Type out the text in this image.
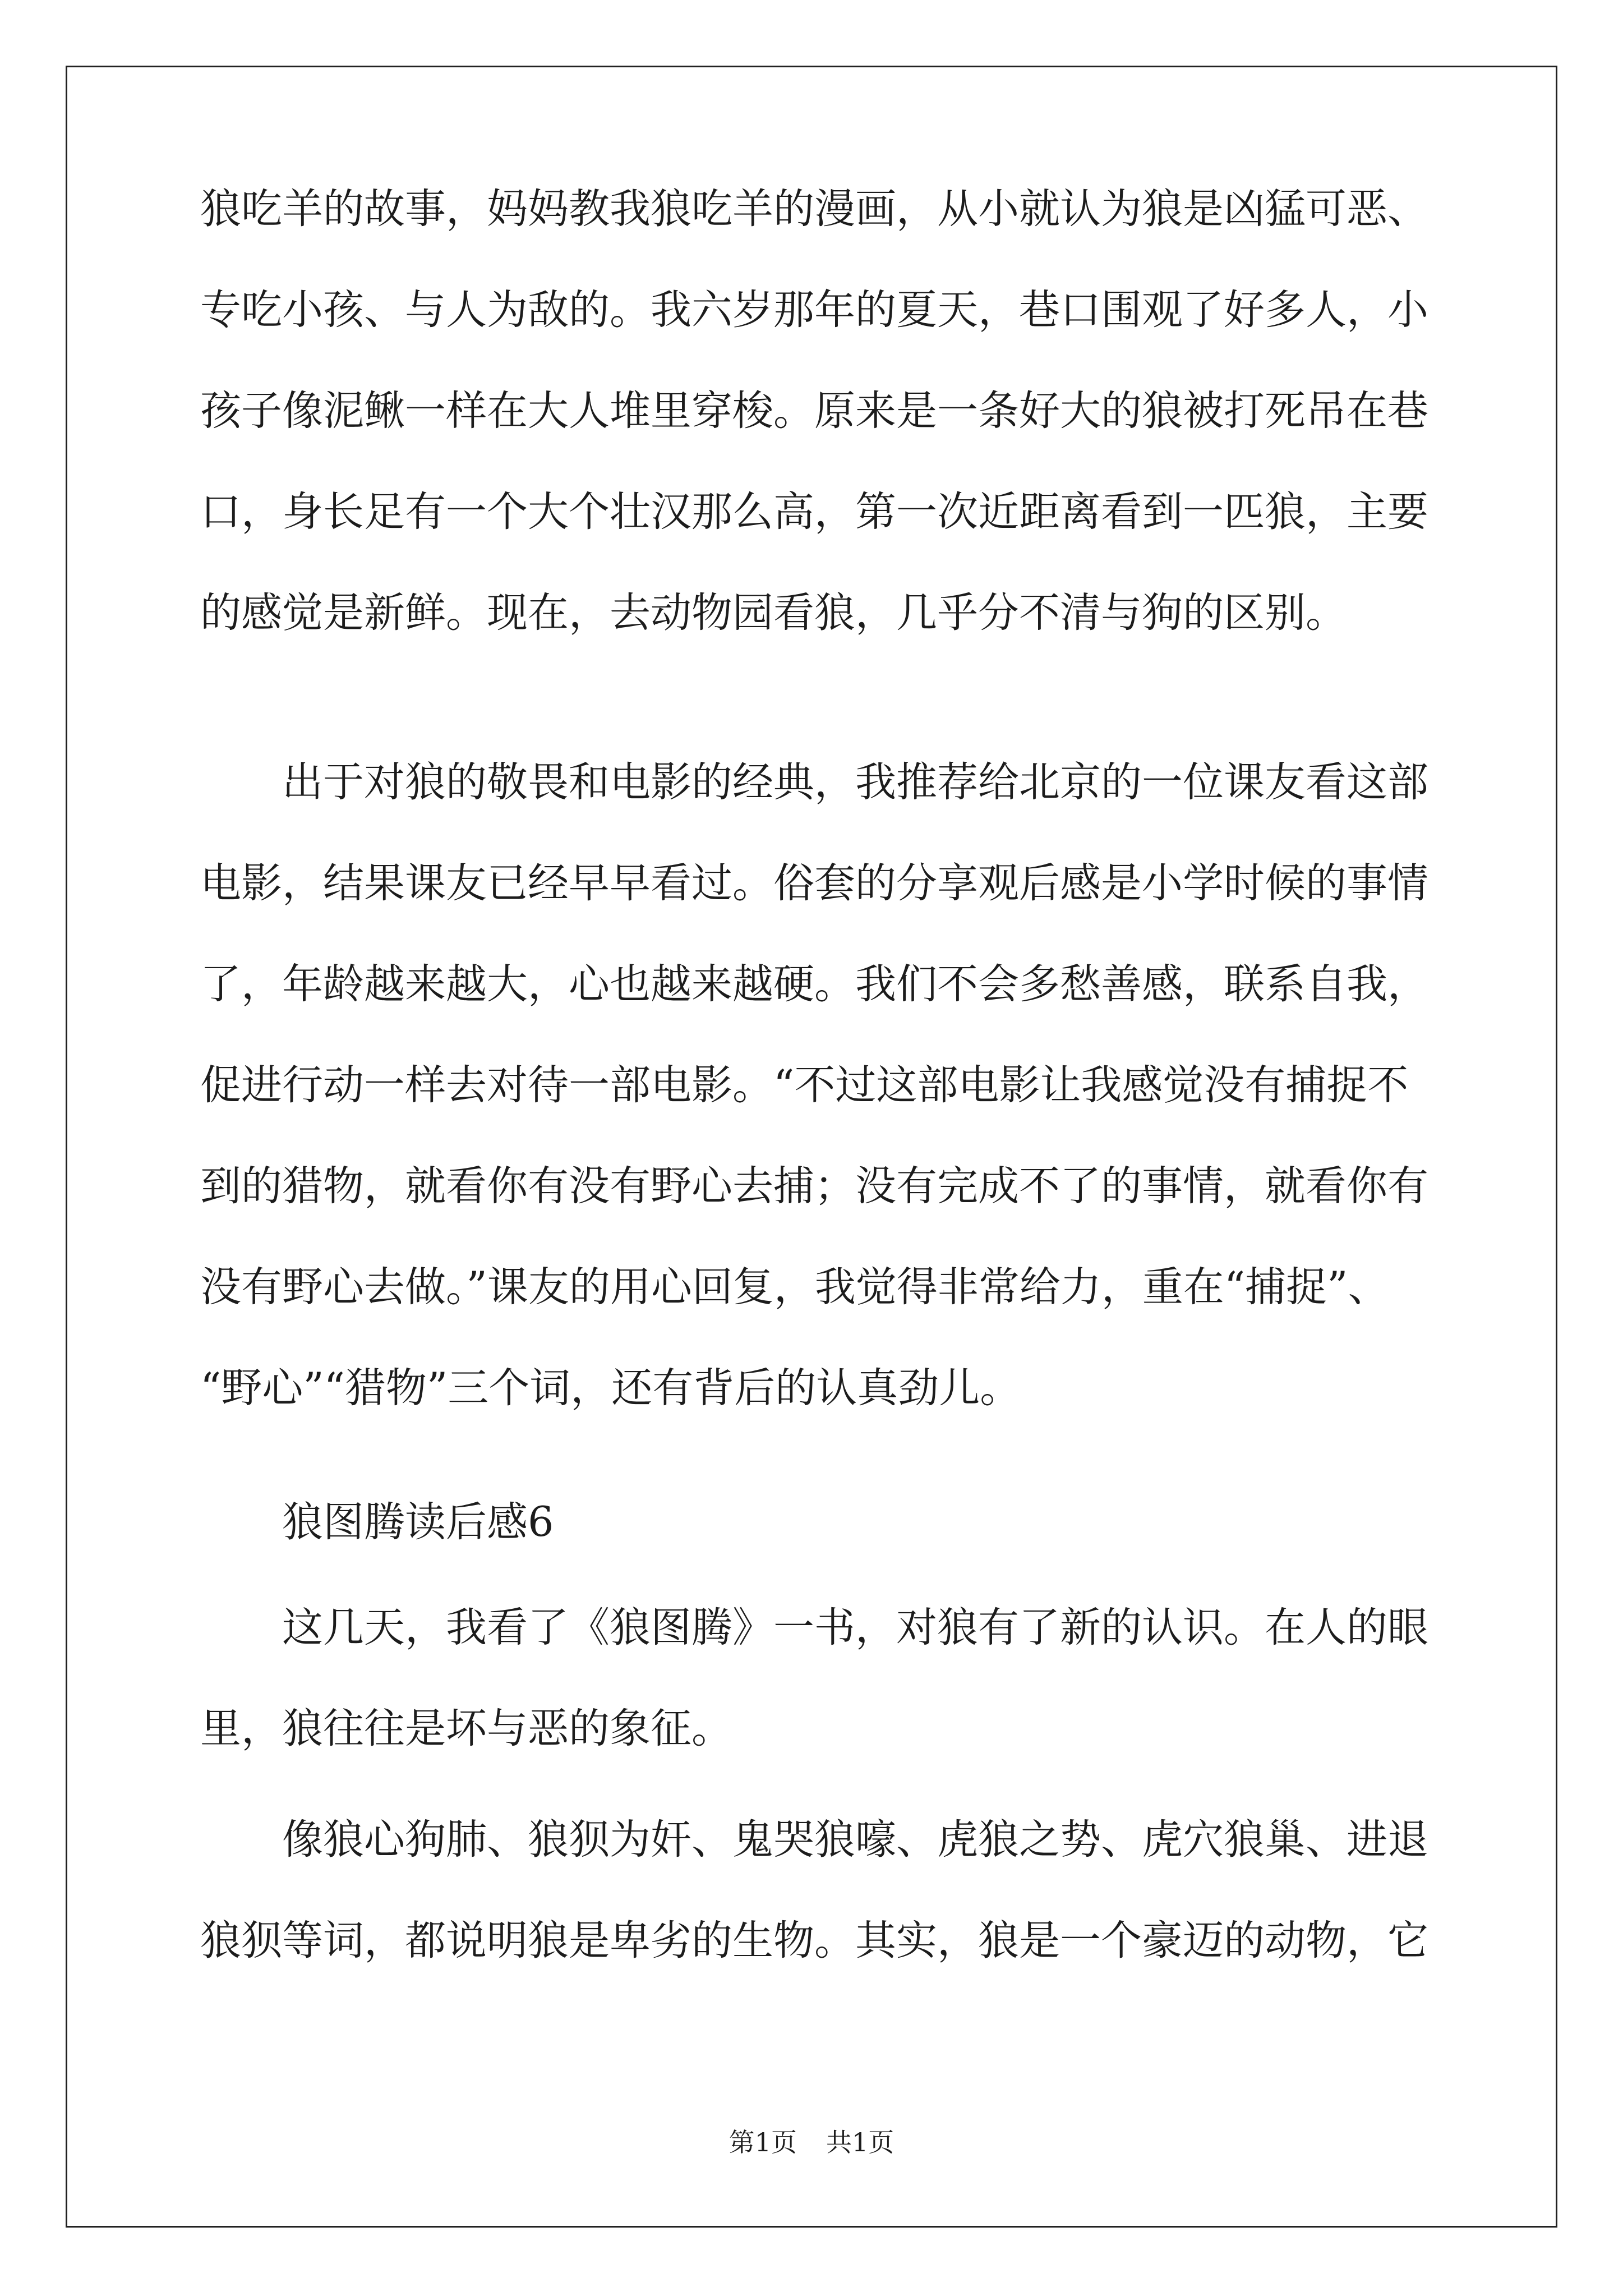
狼吃羊的故事，妈妈教我狼吃羊的漫画，从小就认为狼是凶猛可恶、
专吃小孩、与人为敌的。我六岁那年的夏天，巷口围观了好多人，小
孩子像泥鳅一样在大人堆里穿梭。原来是一条好大的狼被打死吊在巷
口，身长足有一个大个壮汉那么高，第一次近距离看到一匹狼，主要
的感觉是新鲜。现在，去动物园看狼，几乎分不清与狗的区别。
出于对狼的敬畏和电影的经典，我推荐给北京的一位课友看这部
电影，结果课友已经早早看过。俗套的分享观后感是小学时候的事情
了，年龄越来越大，心也越来越硬。我们不会多愁善感，联系自我，
促进行动一样去对待一部电影。“不过这部电影让我感觉没有捕捉不
到的猎物，就看你有没有野心去捕；没有完成不了的事情，就看你有
没有野心去做。”课友的用心回复，我觉得非常给力，重在“捕捉”、
“野心”“猎物”三个词，还有背后的认真劲儿。
狼图腾读后感6
这几天，我看了《狼图腾》一书，对狼有了新的认识。在人的眼
里，狼往往是坏与恶的象征。
像狼心狗肺、狼狈为奸、鬼哭狼嚎、虎狼之势、虎穴狼巢、进退
狼狈等词，都说明狼是卑劣的生物。其实，狼是一个豪迈的动物，它
第1页 共1页
